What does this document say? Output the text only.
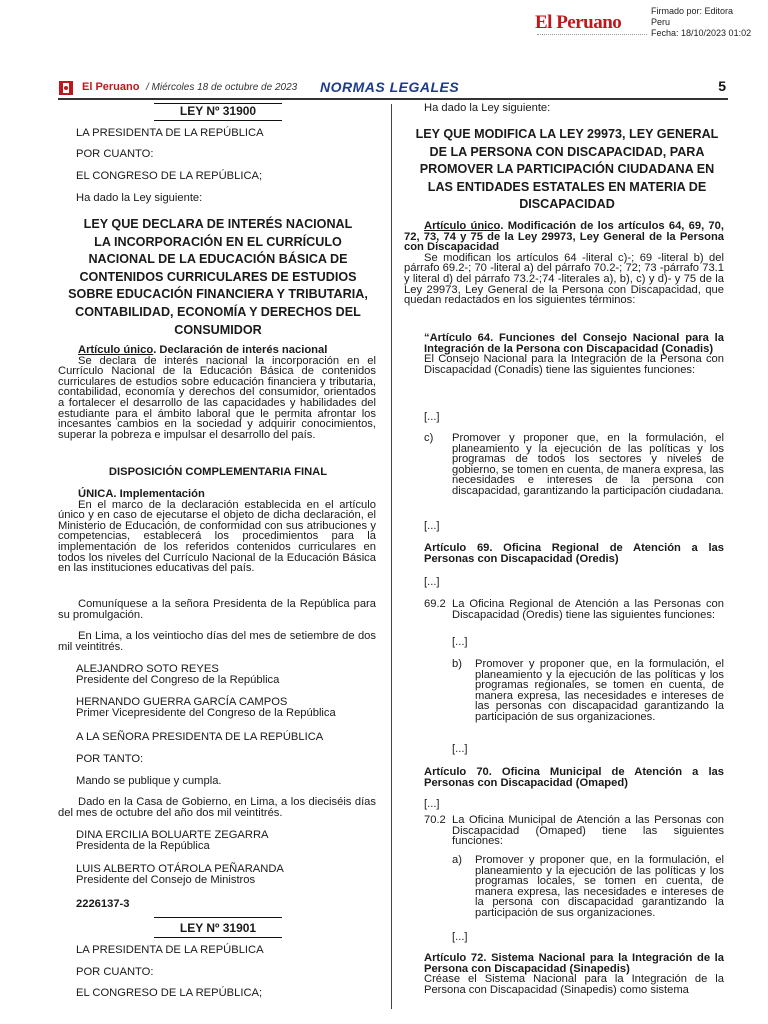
El Peruano
Firmado por: Editora
Peru
Fecha: 18/10/2023 01:02
El Peruano / Miércoles 18 de octubre de 2023 NORMAS LEGALES	5
LEY Nº 31900
LA PRESIDENTA DE LA REPÚBLICA
POR CUANTO:
EL CONGRESO DE LA REPÚBLICA;
Ha dado la Ley siguiente:
LEY QUE DECLARA DE INTERÉS NACIONAL
LA INCORPORACIÓN EN EL CURRÍCULO
NACIONAL DE LA EDUCACIÓN BÁSICA DE
CONTENIDOS CURRICULARES DE ESTUDIOS
SOBRE EDUCACIÓN FINANCIERA Y TRIBUTARIA,
CONTABILIDAD, ECONOMÍA Y DERECHOS DEL
CONSUMIDOR

Artículo único. Declaración de interés nacional

Se declara de interés nacional la incorporación en el Currículo Nacional de la Educación Básica de contenidos curriculares de estudios sobre educación financiera y tributaria, contabilidad, economía y derechos del consumidor, orientados a fortalecer el desarrollo de las capacidades y habilidades del estudiante para el ámbito laboral que le permita afrontar los incesantes cambios en la sociedad y adquirir conocimientos, superar la pobreza e impulsar el desarrollo del país.

DISPOSICIÓN COMPLEMENTARIA FINAL

ÚNICA. Implementación

En el marco de la declaración establecida en el artículo único y en caso de ejecutarse el objeto de dicha declaración, el Ministerio de Educación, de conformidad con sus atribuciones y competencias, establecerá los procedimientos para la implementación de los referidos contenidos curriculares en todos los niveles del Currículo Nacional de la Educación Básica en las instituciones educativas del país.

Comuníquese a la señora Presidenta de la República para su promulgación.

En Lima, a los veintiocho días del mes de setiembre de dos mil veintitrés.

ALEJANDRO SOTO REYES
Presidente del Congreso de la República
HERNANDO GUERRA GARCÍA CAMPOS
Primer Vicepresidente del Congreso de la República
A LA SEÑORA PRESIDENTA DE LA REPÚBLICA
POR TANTO:
Mando se publique y cumpla.

Dado en la Casa de Gobierno, en Lima, a los dieciséis días del mes de octubre del año dos mil veintitrés.

DINA ERCILIA BOLUARTE ZEGARRA
Presidenta de la República
LUIS ALBERTO OTÁROLA PEÑARANDA
Presidente del Consejo de Ministros
2226137-3
LEY Nº 31901
LA PRESIDENTA DE LA REPÚBLICA
POR CUANTO:
EL CONGRESO DE LA REPÚBLICA;
Ha dado la Ley siguiente:
LEY QUE MODIFICA LA LEY 29973, LEY GENERAL
DE LA PERSONA CON DISCAPACIDAD, PARA
PROMOVER LA PARTICIPACIÓN CIUDADANA EN
LAS ENTIDADES ESTATALES EN MATERIA DE
DISCAPACIDAD

Artículo único. Modificación de los artículos 64, 69, 70, 72, 73, 74 y 75 de la Ley 29973, Ley General de la Persona con Discapacidad

Se modifican los artículos 64 -literal c)-; 69 -literal b) del párrafo 69.2-; 70 -literal a) del párrafo 70.2-; 72; 73 -párrafo 73.1 y literal d) del párrafo 73.2-;74 -literales a), b), c) y d)- y 75 de la Ley 29973, Ley General de la Persona con Discapacidad, que quedan redactados en los siguientes términos:

“Artículo 64. Funciones del Consejo Nacional para la Integración de la Persona con Discapacidad (Conadis)

El Consejo Nacional para la Integración de la Persona con Discapacidad (Conadis) tiene las siguientes funciones:

[...]
c) Promover y proponer que, en la formulación, el planeamiento y la ejecución de las políticas y los programas de todos los sectores y niveles de gobierno, se tomen en cuenta, de manera expresa, las necesidades e intereses de la persona con discapacidad, garantizando la participación ciudadana.
[...]
Artículo 69. Oficina Regional de Atención a las Personas con Discapacidad (Oredis)
[...]
69.2 La Oficina Regional de Atención a las Personas con Discapacidad (Oredis) tiene las siguientes funciones:
[...]
b) Promover y proponer que, en la formulación, el planeamiento y la ejecución de las políticas y los programas regionales, se tomen en cuenta, de manera expresa, las necesidades e intereses de las personas con discapacidad garantizando la participación de sus organizaciones.
[...]
Artículo 70. Oficina Municipal de Atención a las Personas con Discapacidad (Omaped)
[...]
70.2 La Oficina Municipal de Atención a las Personas con Discapacidad (Omaped) tiene las siguientes funciones:
a) Promover y proponer que, en la formulación, el planeamiento y la ejecución de las políticas y los programas locales, se tomen en cuenta, de manera expresa, las necesidades e intereses de la persona con discapacidad garantizando la participación de sus organizaciones.
[...]

Artículo 72. Sistema Nacional para la Integración de la Persona con Discapacidad (Sinapedis)

Créase el Sistema Nacional para la Integración de la Persona con Discapacidad (Sinapedis) como sistema
